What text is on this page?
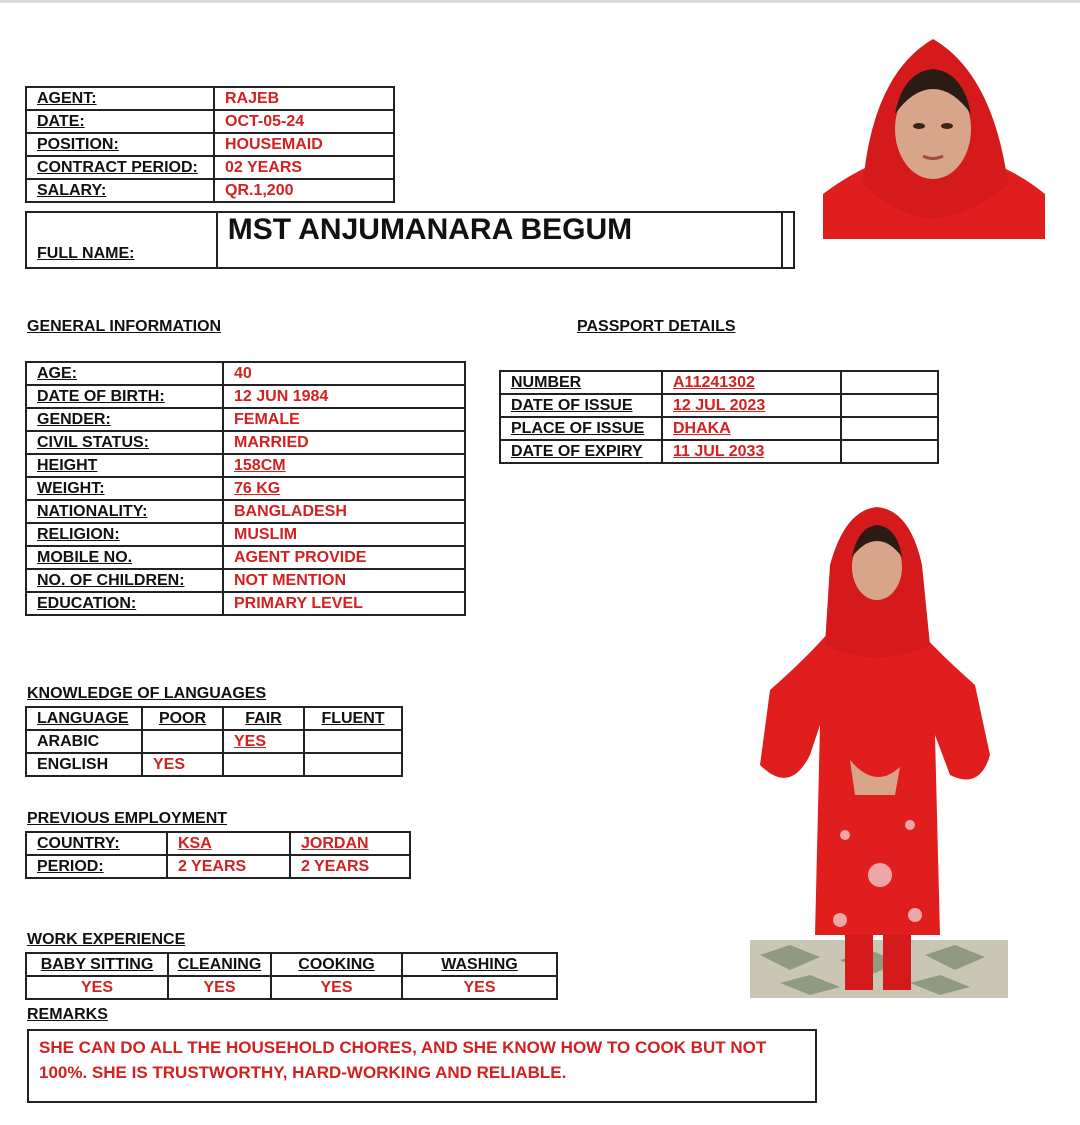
AGENT:	RAJEB
DATE:	OCT-05-24
POSITION:	HOUSEMAID
CONTRACT PERIOD:	02 YEARS
SALARY:	QR.1,200
FULL NAME:	MST ANJUMANARA BEGUM	
GENERAL INFORMATION
AGE:	40
DATE OF BIRTH:	12 JUN 1984
GENDER:	FEMALE
CIVIL STATUS:	MARRIED
HEIGHT	158CM
WEIGHT:	76 KG
NATIONALITY:	BANGLADESH
RELIGION:	MUSLIM
MOBILE NO.	AGENT PROVIDE
NO. OF CHILDREN:	NOT MENTION
EDUCATION:	PRIMARY LEVEL
PASSPORT DETAILS
NUMBER	A11241302	
DATE OF ISSUE	12 JUL 2023	
PLACE OF ISSUE	DHAKA	
DATE OF EXPIRY	11 JUL 2033	
KNOWLEDGE OF LANGUAGES
LANGUAGE	POOR	FAIR	FLUENT
ARABIC		YES	
ENGLISH	YES		
PREVIOUS EMPLOYMENT
COUNTRY:	KSA	JORDAN
PERIOD:	2 YEARS	2 YEARS
WORK EXPERIENCE
BABY SITTING	CLEANING	COOKING	WASHING
YES	YES	YES	YES
REMARKS
SHE CAN DO ALL THE HOUSEHOLD CHORES, AND SHE KNOW HOW TO COOK BUT NOT
100%. SHE IS TRUSTWORTHY, HARD-WORKING AND RELIABLE.
